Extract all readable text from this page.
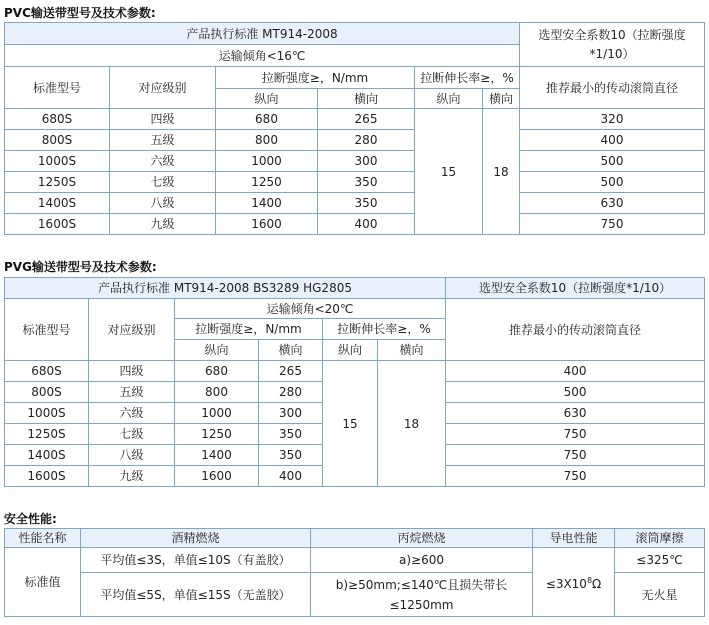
PVC输送带型号及技术参数:
产品执行标准 MT914-2008						选型安全系数10（拉断强度*1/10）
运输倾角<16℃						
标准型号	对应级别	拉断强度≥，N/mm		拉断伸长率≥，%		推荐最小的传动滚筒直径
		纵向	横向	纵向	横向	
680S	四级	680	265	15	18	320
800S	五级	800	280			400
1000S	六级	1000	300			500
1250S	七级	1250	350			500
1400S	八级	1400	350			630
1600S	九级	1600	400			750
PVG输送带型号及技术参数:
产品执行标准 MT914-2008 BS3289 HG2805						选型安全系数10（拉断强度*1/10）
标准型号	对应级别	运输倾角<20℃				推荐最小的传动滚筒直径
		拉断强度≥，N/mm		拉断伸长率≥，%		
		纵向	横向	纵向	横向	
680S	四级	680	265	15	18	400
800S	五级	800	280			500
1000S	六级	1000	300			630
1250S	七级	1250	350			750
1400S	八级	1400	350			750
1600S	九级	1600	400			750
安全性能:
性能名称	酒精燃烧	丙烷燃烧	导电性能	滚筒摩擦
标准值	平均值≤3S，单值≤10S（有盖胶）	a)≥600	$\le 3X10^8\Omega$	≤325℃
	平均值≤5S，单值≤15S（无盖胶）	b)≥50mm;≤140℃且损失带长≤1250mm		无火星
